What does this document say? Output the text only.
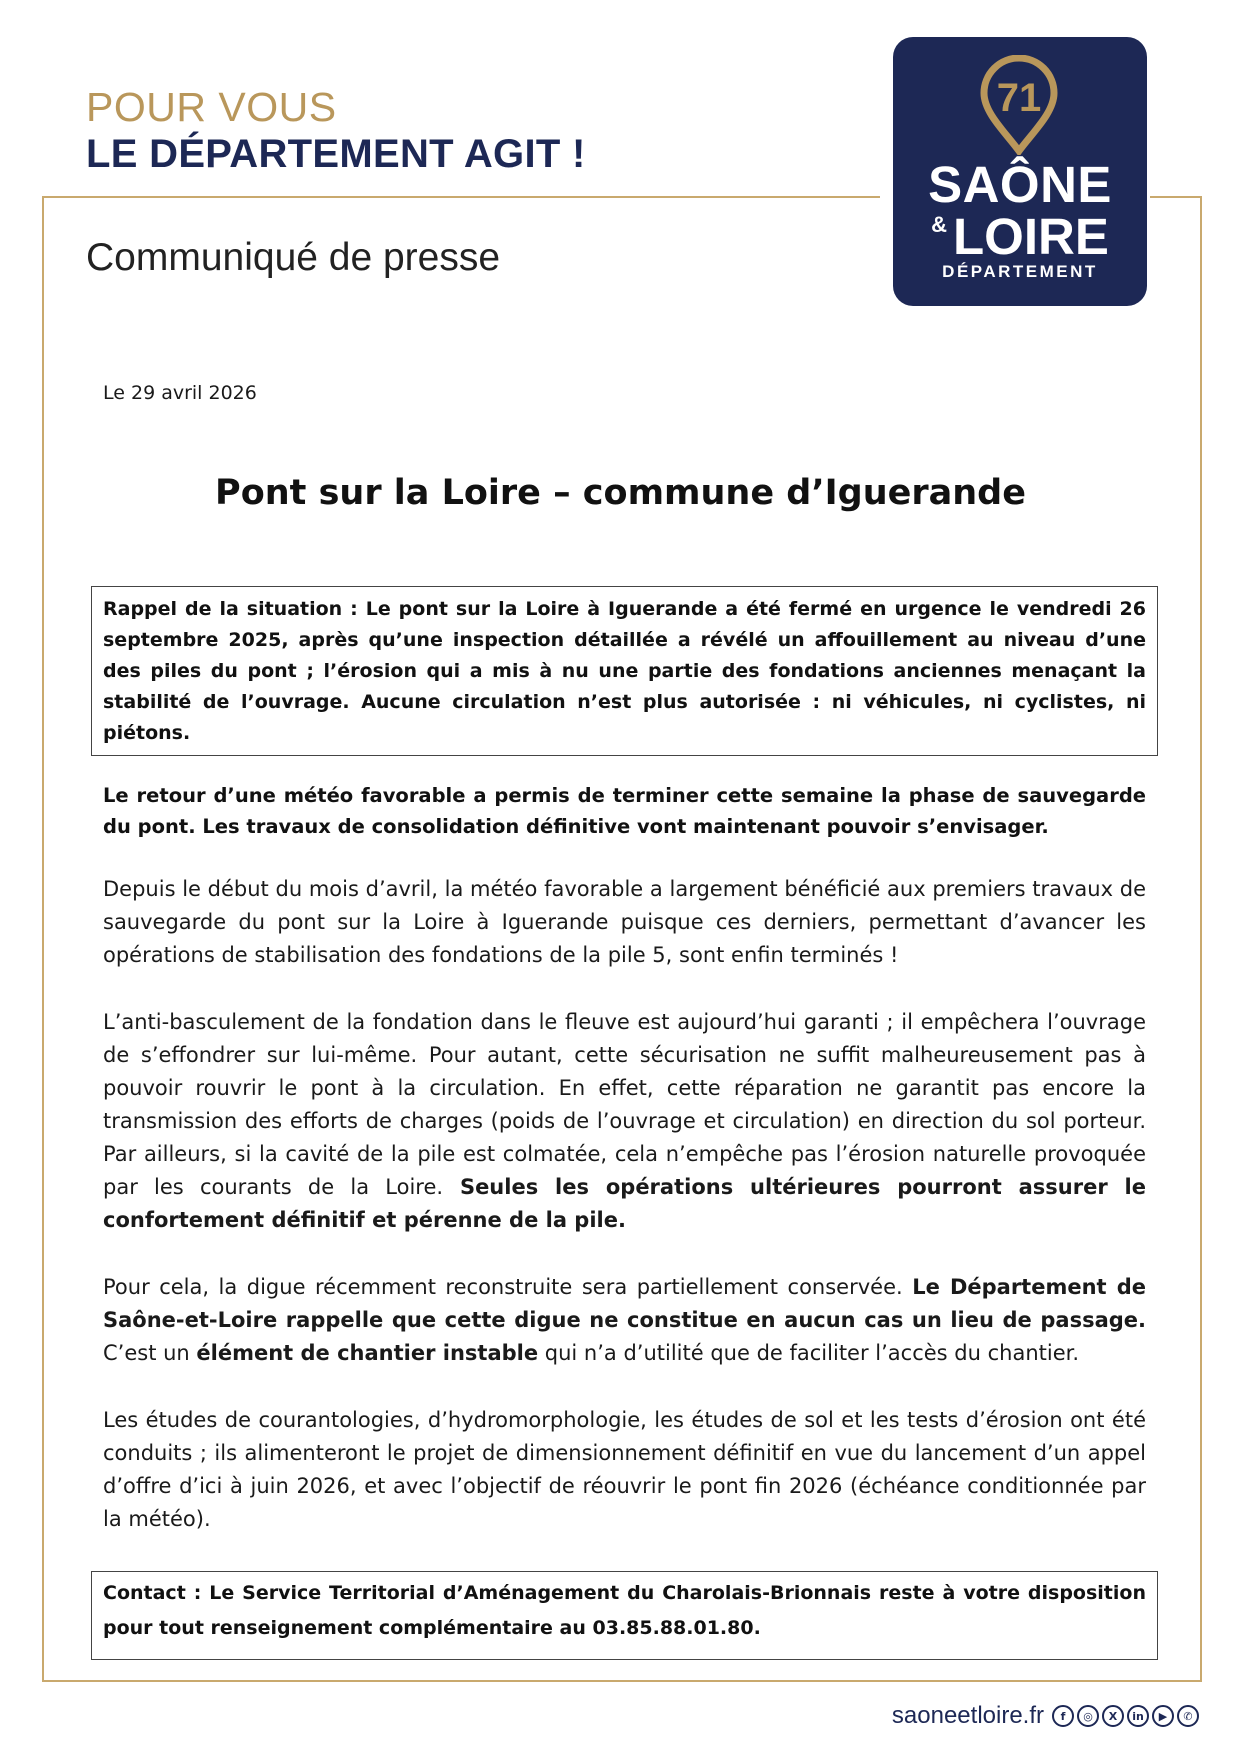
POUR VOUS
LE DÉPARTEMENT AGIT !
Communiqué de presse
71
SAÔNE
& LOIRE
DÉPARTEMENT
Le 29 avril 2026
Pont sur la Loire – commune d’Iguerande
Rappel de la situation : Le pont sur la Loire à Iguerande a été fermé en urgence le vendredi 26 septembre 2025, après qu’une inspection détaillée a révélé un affouillement au niveau d’une des piles du pont ; l’érosion qui a mis à nu une partie des fondations anciennes menaçant la stabilité de l’ouvrage. Aucune circulation n’est plus autorisée : ni véhicules, ni cyclistes, ni piétons.
Le retour d’une météo favorable a permis de terminer cette semaine la phase de sauvegarde du pont. Les travaux de consolidation définitive vont maintenant pouvoir s’envisager.
Depuis le début du mois d’avril, la météo favorable a largement bénéficié aux premiers travaux de sauvegarde du pont sur la Loire à Iguerande puisque ces derniers, permettant d’avancer les opérations de stabilisation des fondations de la pile 5, sont enfin terminés !
L’anti-basculement de la fondation dans le fleuve est aujourd’hui garanti ; il empêchera l’ouvrage de s’effondrer sur lui-même. Pour autant, cette sécurisation ne suffit malheureusement pas à pouvoir rouvrir le pont à la circulation. En effet, cette réparation ne garantit pas encore la transmission des efforts de charges (poids de l’ouvrage et circulation) en direction du sol porteur. Par ailleurs, si la cavité de la pile est colmatée, cela n’empêche pas l’érosion naturelle provoquée par les courants de la Loire. Seules les opérations ultérieures pourront assurer le confortement définitif et pérenne de la pile.
Pour cela, la digue récemment reconstruite sera partiellement conservée. Le Département de Saône-et-Loire rappelle que cette digue ne constitue en aucun cas un lieu de passage. C’est un élément de chantier instable qui n’a d’utilité que de faciliter l’accès du chantier.
Les études de courantologies, d’hydromorphologie, les études de sol et les tests d’érosion ont été conduits ; ils alimenteront le projet de dimensionnement définitif en vue du lancement d’un appel d’offre d’ici à juin 2026, et avec l’objectif de réouvrir le pont fin 2026 (échéance conditionnée par la météo).
Contact : Le Service Territorial d’Aménagement du Charolais-Brionnais reste à votre disposition pour tout renseignement complémentaire au 03.85.88.01.80.
saoneetloire.fr	f	◎	X	in	▶	✆
